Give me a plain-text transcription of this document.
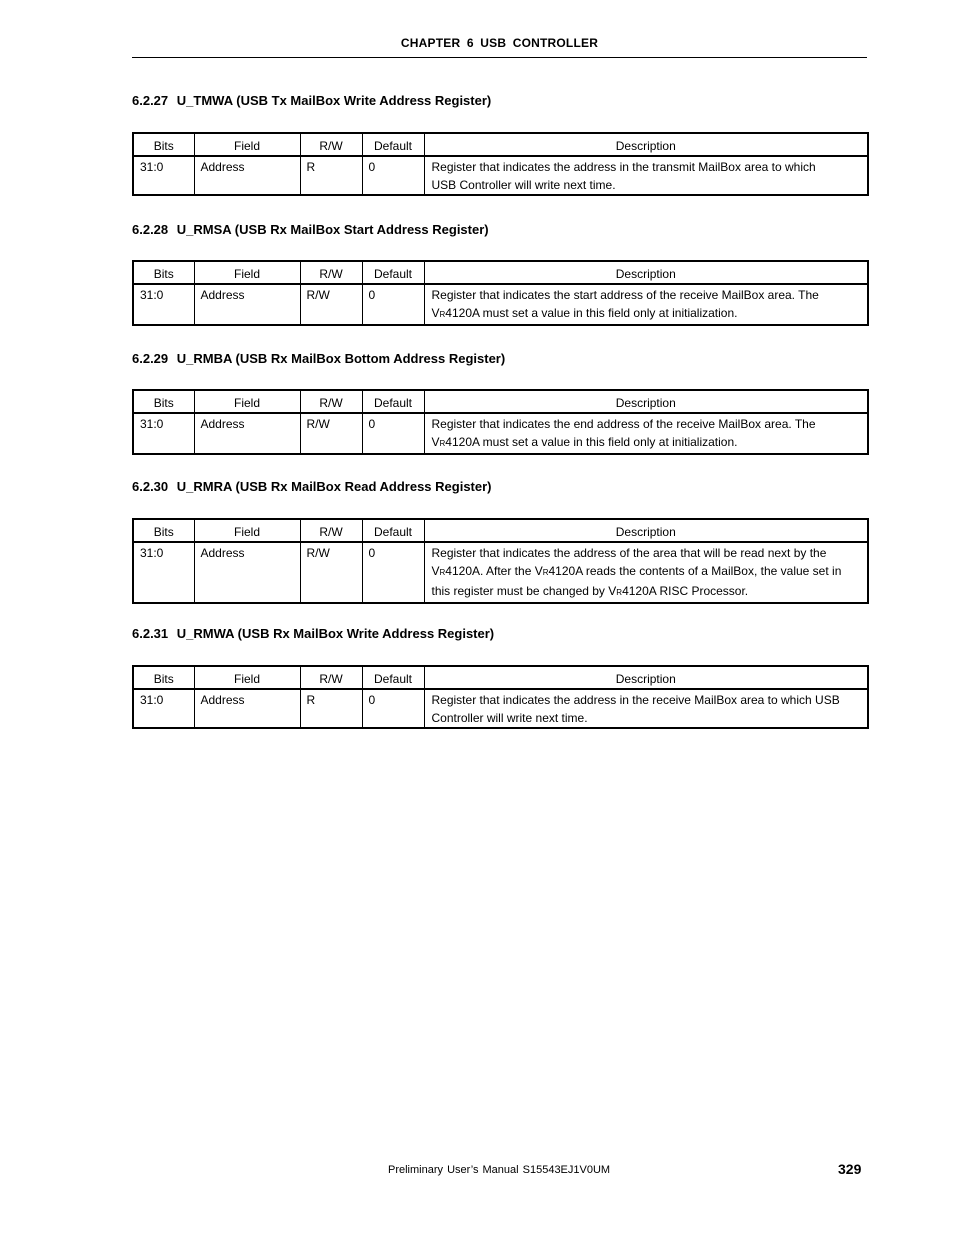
CHAPTER 6 USB CONTROLLER
6.2.27 U_TMWA (USB Tx MailBox Write Address Register)
Bits	Field	R/W	Default	Description
31:0	Address	R	0	Register that indicates the address in the transmit MailBox area to which
USB Controller will write next time.
6.2.28 U_RMSA (USB Rx MailBox Start Address Register)
Bits	Field	R/W	Default	Description
31:0	Address	R/W	0	Register that indicates the start address of the receive MailBox area. The
VR4120A must set a value in this field only at initialization.
6.2.29 U_RMBA (USB Rx MailBox Bottom Address Register)
Bits	Field	R/W	Default	Description
31:0	Address	R/W	0	Register that indicates the end address of the receive MailBox area. The
VR4120A must set a value in this field only at initialization.
6.2.30 U_RMRA (USB Rx MailBox Read Address Register)
Bits	Field	R/W	Default	Description
31:0	Address	R/W	0	Register that indicates the address of the area that will be read next by the
VR4120A. After the VR4120A reads the contents of a MailBox, the value set in
this register must be changed by VR4120A RISC Processor.
6.2.31 U_RMWA (USB Rx MailBox Write Address Register)
Bits	Field	R/W	Default	Description
31:0	Address	R	0	Register that indicates the address in the receive MailBox area to which USB
Controller will write next time.
Preliminary User’s Manual S15543EJ1V0UM	329
